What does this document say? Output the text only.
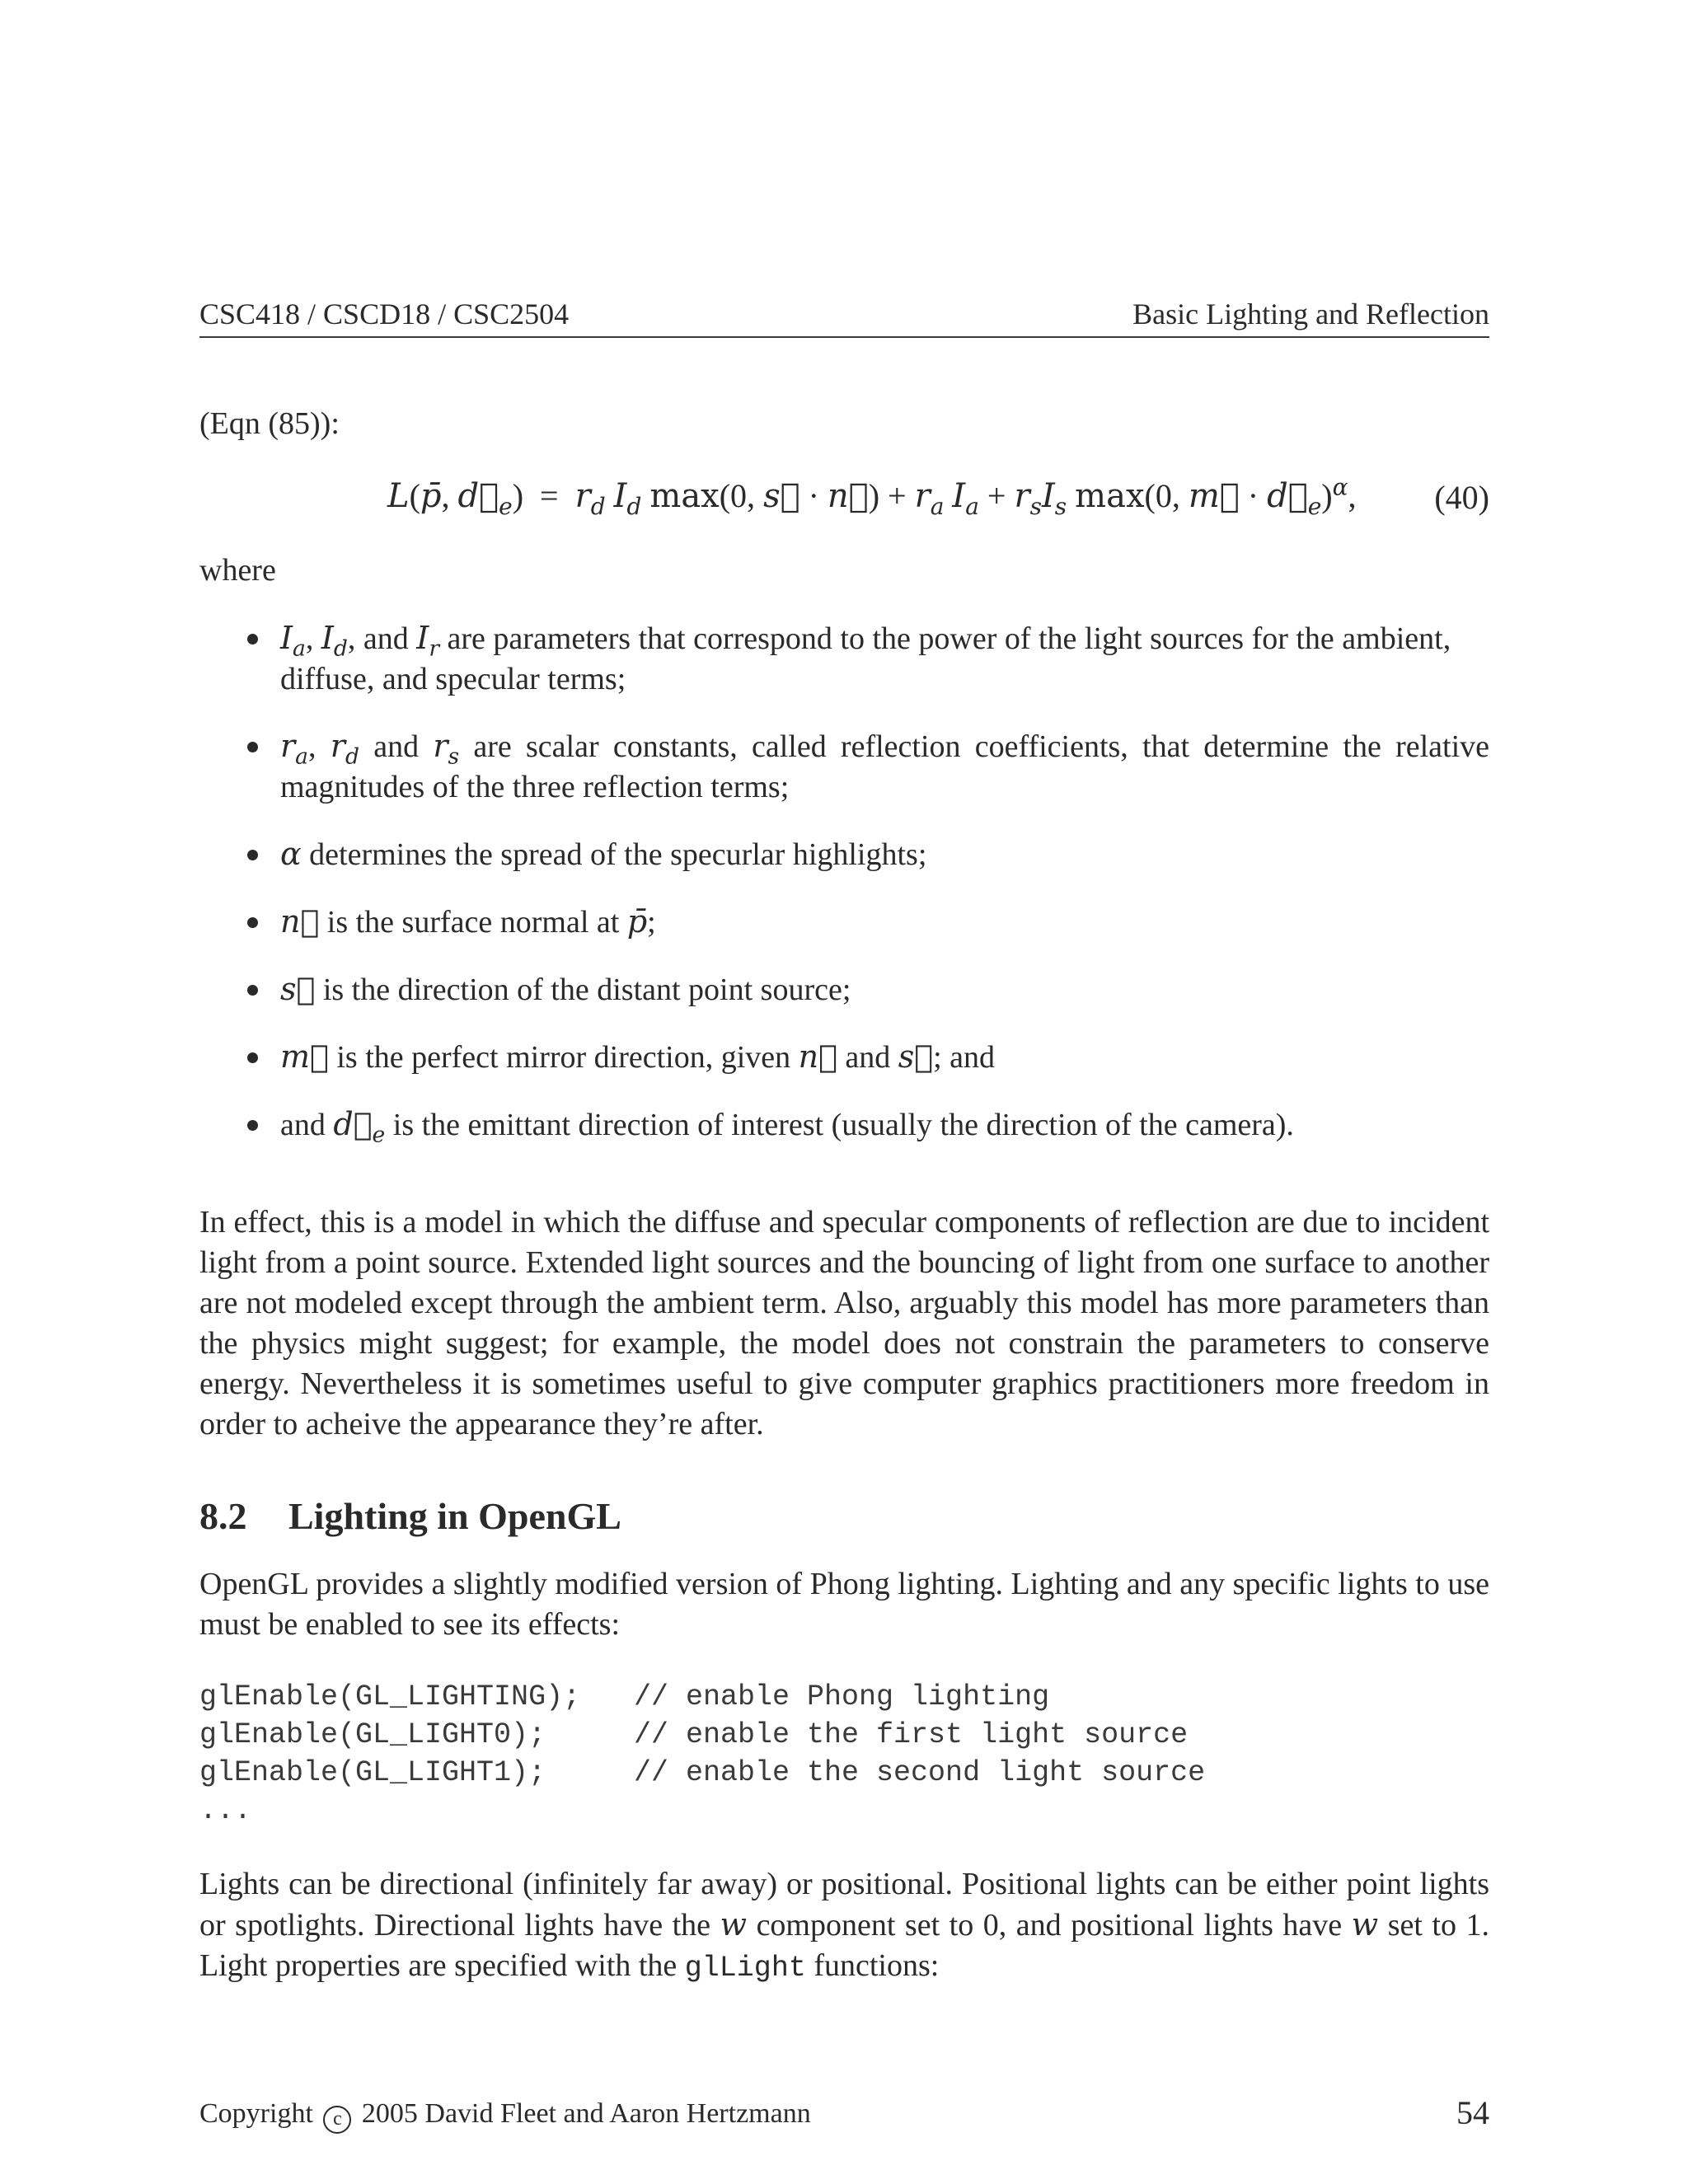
CSC418 / CSCD18 / CSC2504	Basic Lighting and Reflection
(Eqn (85)):
L(p̄, $d⃗_e) = r_d$ $I_d$ max(0, s⃗ · n⃗) + $r_a$ $I_a + r_sI_s$ max(0, m⃗ · $d⃗_e)^\alpha$, (40)
where
$I_a$, $I_d$, and $I_r$ are parameters that correspond to the power of the light sources for the ambient, diffuse, and specular terms;
$r_a$, $r_d$ and $r_s$ are scalar constants, called reflection coefficients, that determine the relative magnitudes of the three reflection terms;
α determines the spread of the specurlar highlights;
n⃗ is the surface normal at p̄;
s⃗ is the direction of the distant point source;
m⃗ is the perfect mirror direction, given n⃗ and s⃗; and
and $d⃗_e$ is the emittant direction of interest (usually the direction of the camera).
In effect, this is a model in which the diffuse and specular components of reflection are due to incident light from a point source. Extended light sources and the bouncing of light from one surface to another are not modeled except through the ambient term. Also, arguably this model has more parameters than the physics might suggest; for example, the model does not constrain the parameters to conserve energy. Nevertheless it is sometimes useful to give computer graphics practitioners more freedom in order to acheive the appearance they’re after.
8.2 Lighting in OpenGL
OpenGL provides a slightly modified version of Phong lighting. Lighting and any specific lights to use must be enabled to see its effects:
glEnable(GL_LIGHTING); // enable Phong lighting
glEnable(GL_LIGHT0);	// enable the first light source
glEnable(GL_LIGHT1);	// enable the second light source
...
Lights can be directional (infinitely far away) or positional. Positional lights can be either point lights or spotlights. Directional lights have the w component set to 0, and positional lights have w set to 1. Light properties are specified with the glLight functions:
Copyright c 2005 David Fleet and Aaron Hertzmann	54
